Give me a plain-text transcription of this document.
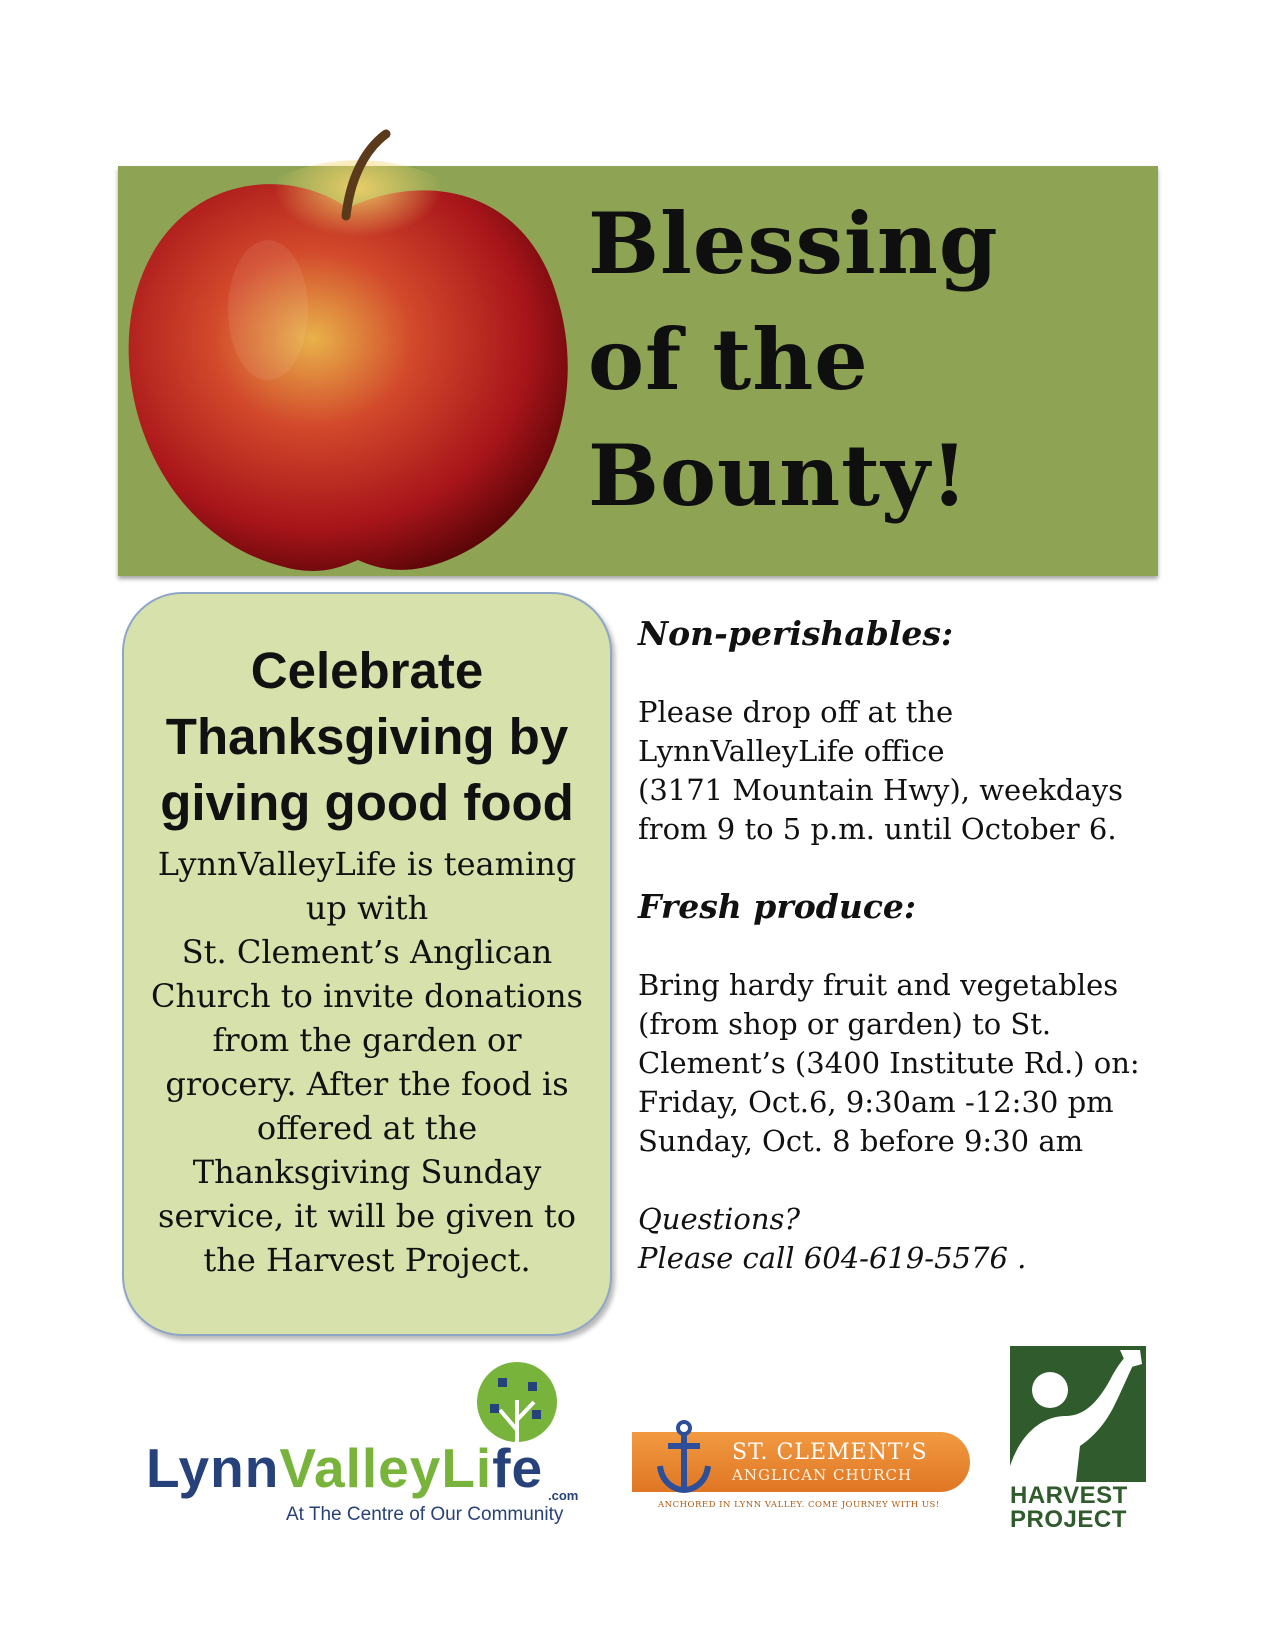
Blessing
of the
Bounty!
Celebrate
Thanksgiving by
giving good food
LynnValleyLife is teaming
up with
St. Clement’s Anglican
Church to invite donations
from the garden or
grocery. After the food is
offered at the
Thanksgiving Sunday
service, it will be given to
the Harvest Project.
Non-perishables:
Please drop off at the
LynnValleyLife office
(3171 Mountain Hwy), weekdays
from 9 to 5 p.m. until October 6.
Fresh produce:
Bring hardy fruit and vegetables
(from shop or garden) to St.
Clement’s (3400 Institute Rd.) on:
Friday, Oct.6, 9:30am -12:30 pm
Sunday, Oct. 8 before 9:30 am
Questions?
Please call 604-619-5576 .
LynnValleyLife .com
At The Centre of Our Community
ST. CLEMENT’S
ANGLICAN CHURCH
ANCHORED IN LYNN VALLEY. COME JOURNEY WITH US!	HARVEST
PROJECT
